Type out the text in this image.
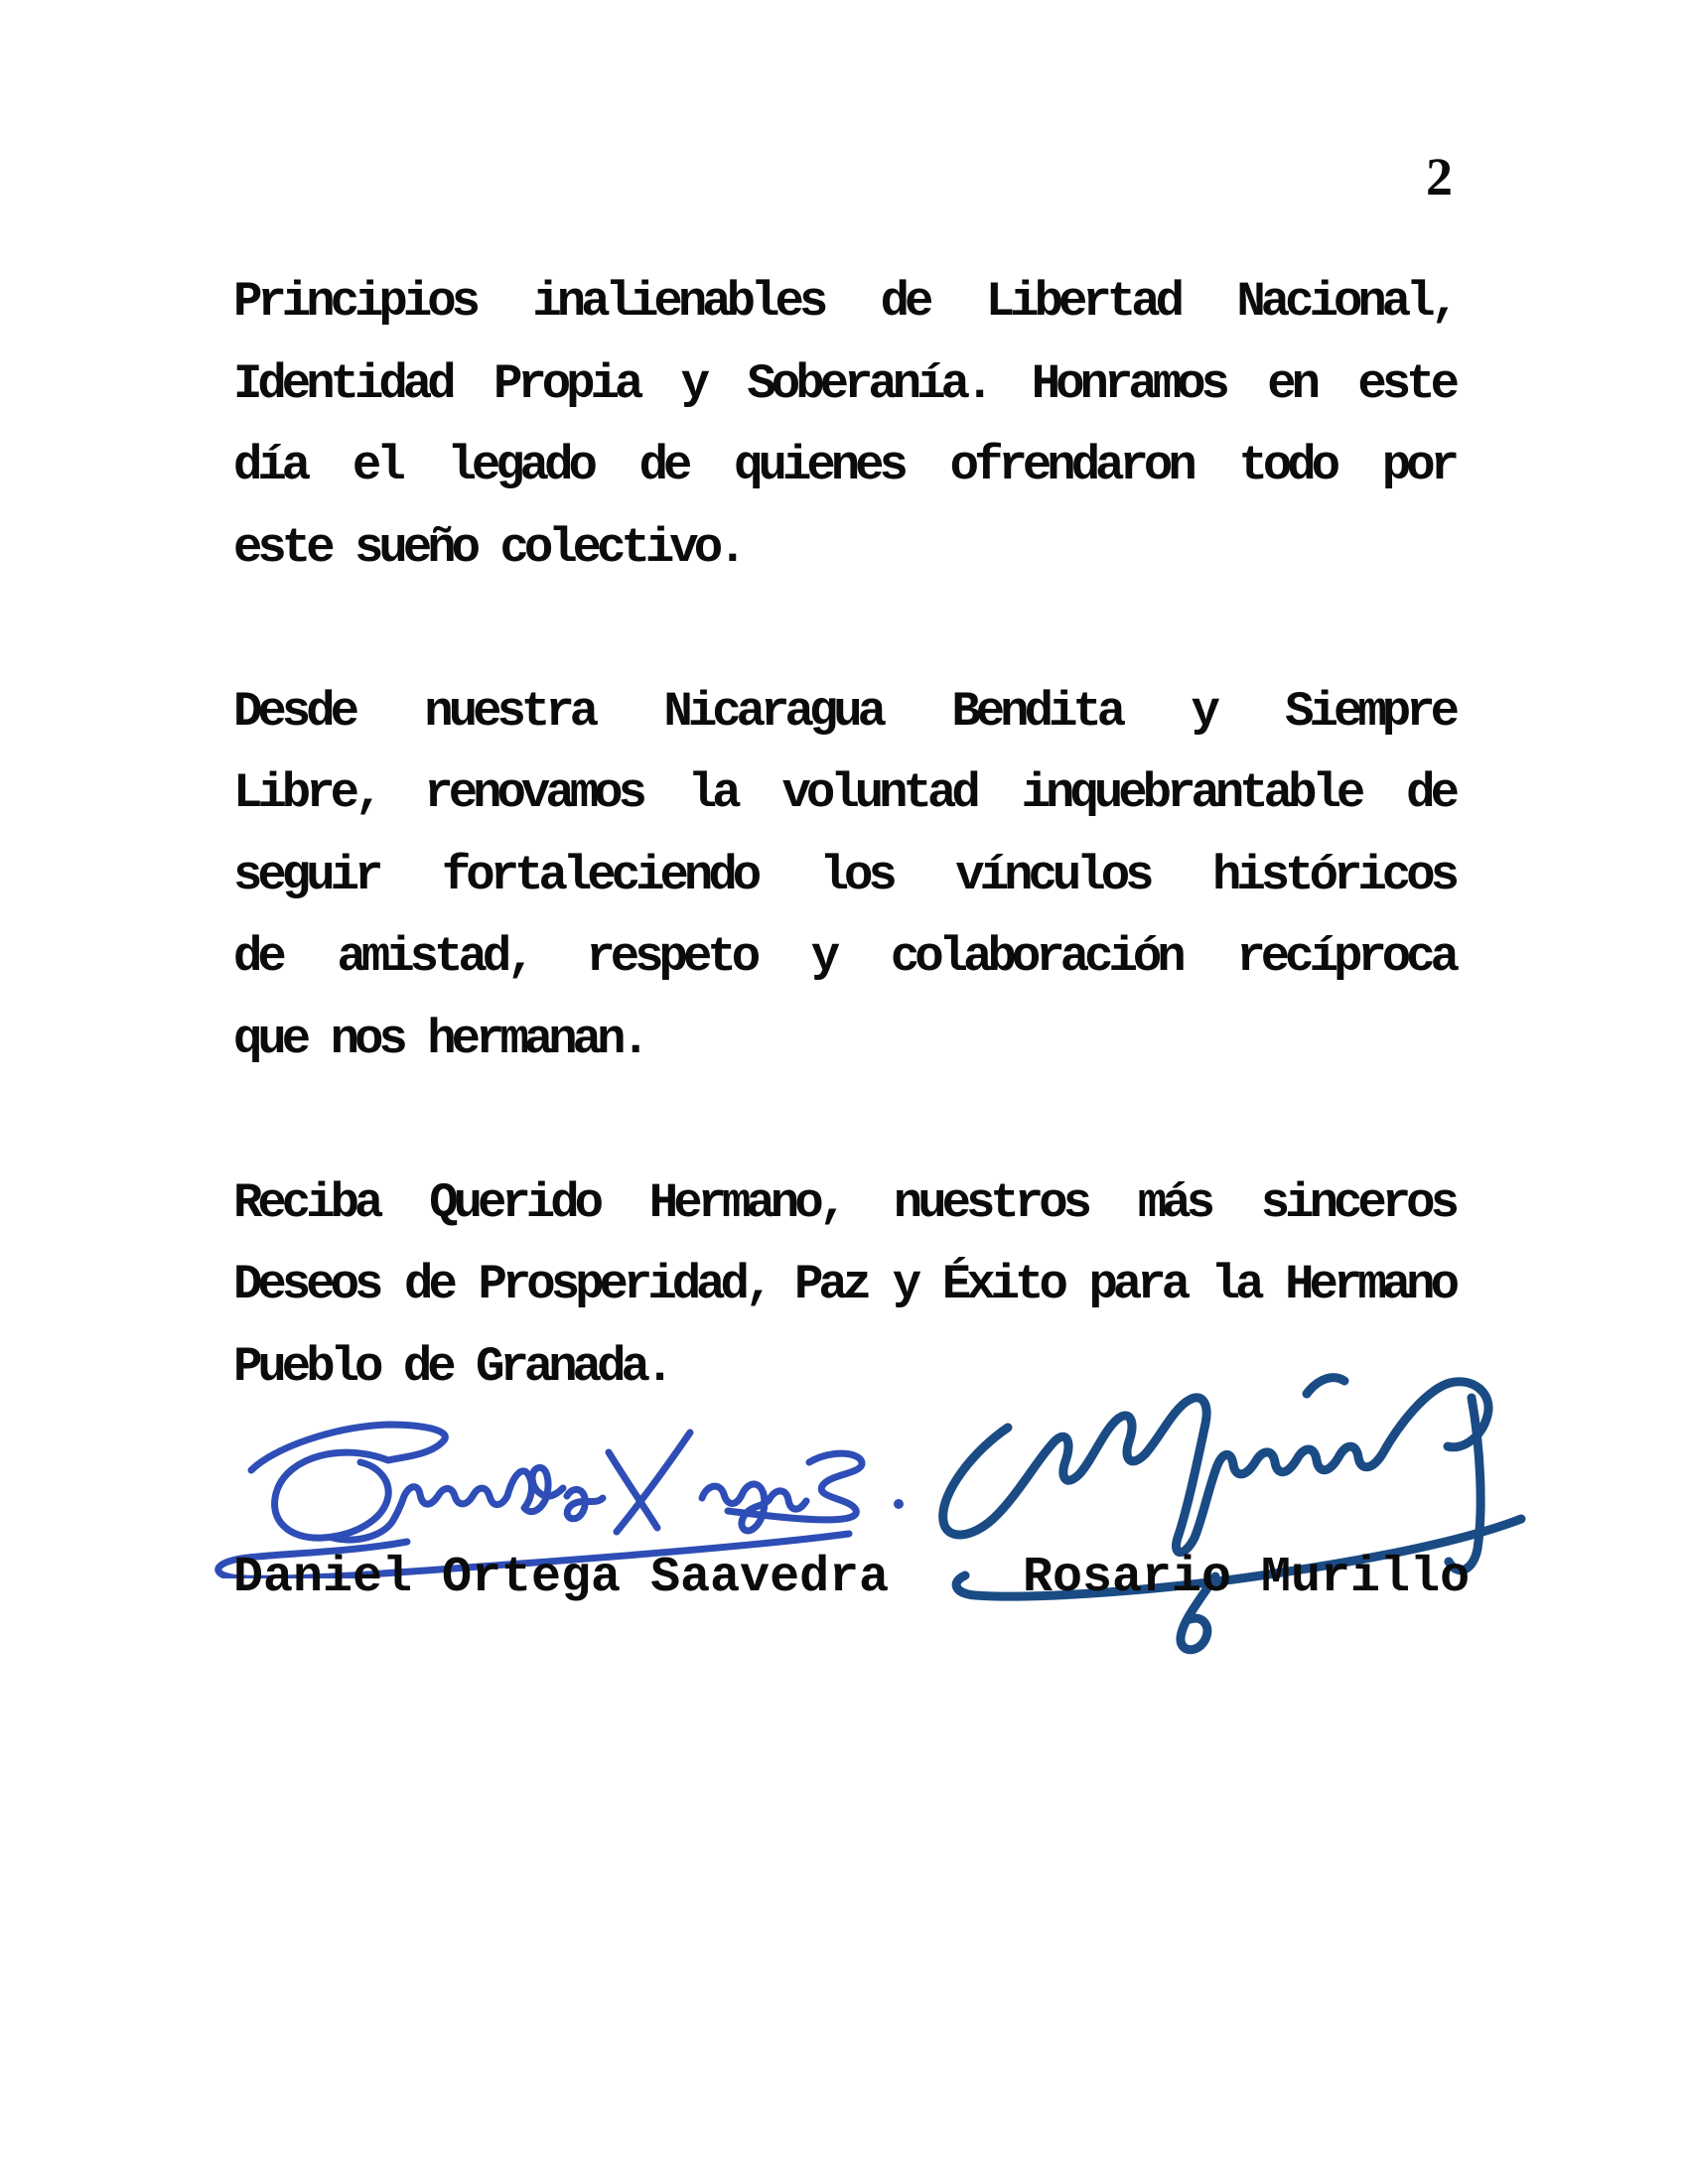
2
Principios inalienables de Libertad Nacional,
Identidad Propia y Soberanía. Honramos en este
día el legado de quienes ofrendaron todo por
este sueño colectivo.
Desde nuestra Nicaragua Bendita y Siempre
Libre, renovamos la voluntad inquebrantable de
seguir fortaleciendo los vínculos históricos
de amistad, respeto y colaboración recíproca
que nos hermanan.
Reciba Querido Hermano, nuestros más sinceros
Deseos de Prosperidad, Paz y Éxito para la Hermano
Pueblo de Granada.
Daniel Ortega Saavedra	Rosario Murillo
